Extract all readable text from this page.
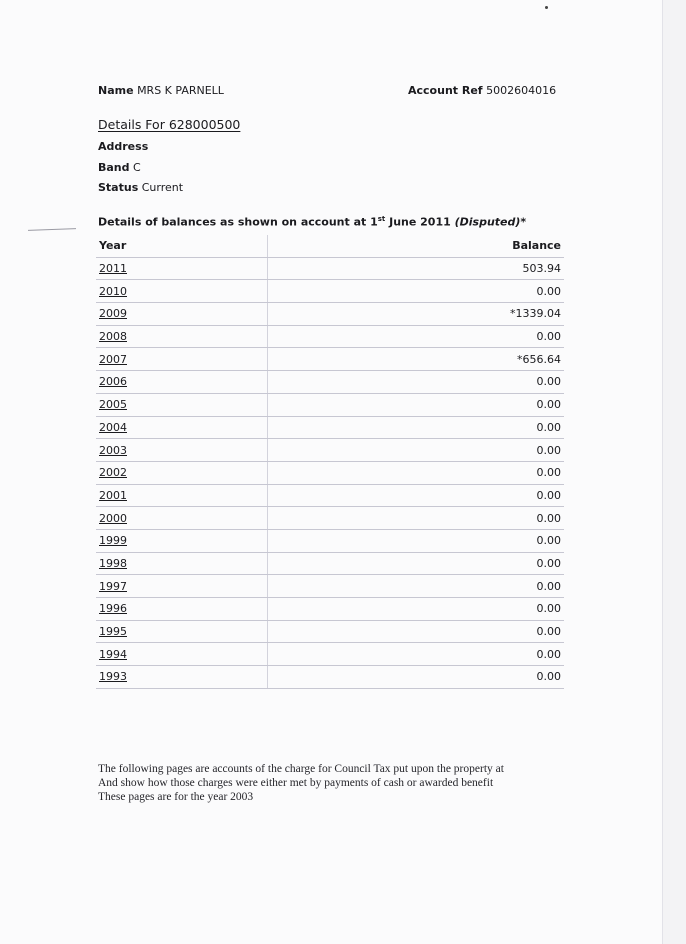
Name MRS K PARNELL	Account Ref 5002604016
Details For 628000500
Address
Band C
Status Current
Details of balances as shown on account at 1st June 2011 (Disputed)*
Year	Balance
2011	503.94
2010	0.00
2009	*1339.04
2008	0.00
2007	*656.64
2006	0.00
2005	0.00
2004	0.00
2003	0.00
2002	0.00
2001	0.00
2000	0.00
1999	0.00
1998	0.00
1997	0.00
1996	0.00
1995	0.00
1994	0.00
1993	0.00

The following pages are accounts of the charge for Council Tax put upon the property at

And show how those charges were either met by payments of cash or awarded benefit

These pages are for the year 2003
